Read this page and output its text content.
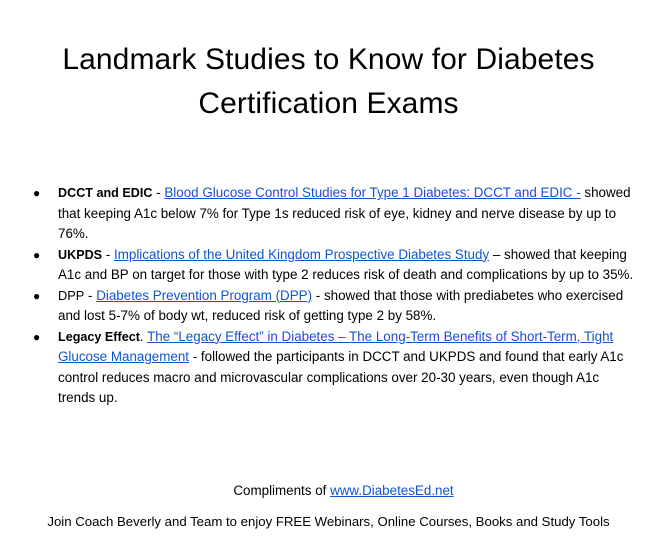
Landmark Studies to Know for Diabetes
Certification Exams
● DCCT and EDIC - Blood Glucose Control Studies for Type 1 Diabetes: DCCT and EDIC - showed that keeping A1c below 7% for Type 1s reduced risk of eye, kidney and nerve disease by up to 76%.
● UKPDS - Implications of the United Kingdom Prospective Diabetes Study – showed that keeping A1c and BP on target for those with type 2 reduces risk of death and complications by up to 35%.
● DPP - Diabetes Prevention Program (DPP) - showed that those with prediabetes who exercised and lost 5-7% of body wt, reduced risk of getting type 2 by 58%.
● Legacy Effect. The “Legacy Effect” in Diabetes – The Long-Term Benefits of Short-Term, Tight Glucose Management - followed the participants in DCCT and UKPDS and found that early A1c control reduces macro and microvascular complications over 20-30 years, even though A1c trends up.
Compliments of www.DiabetesEd.net
Join Coach Beverly and Team to enjoy FREE Webinars, Online Courses, Books and Study Tools
